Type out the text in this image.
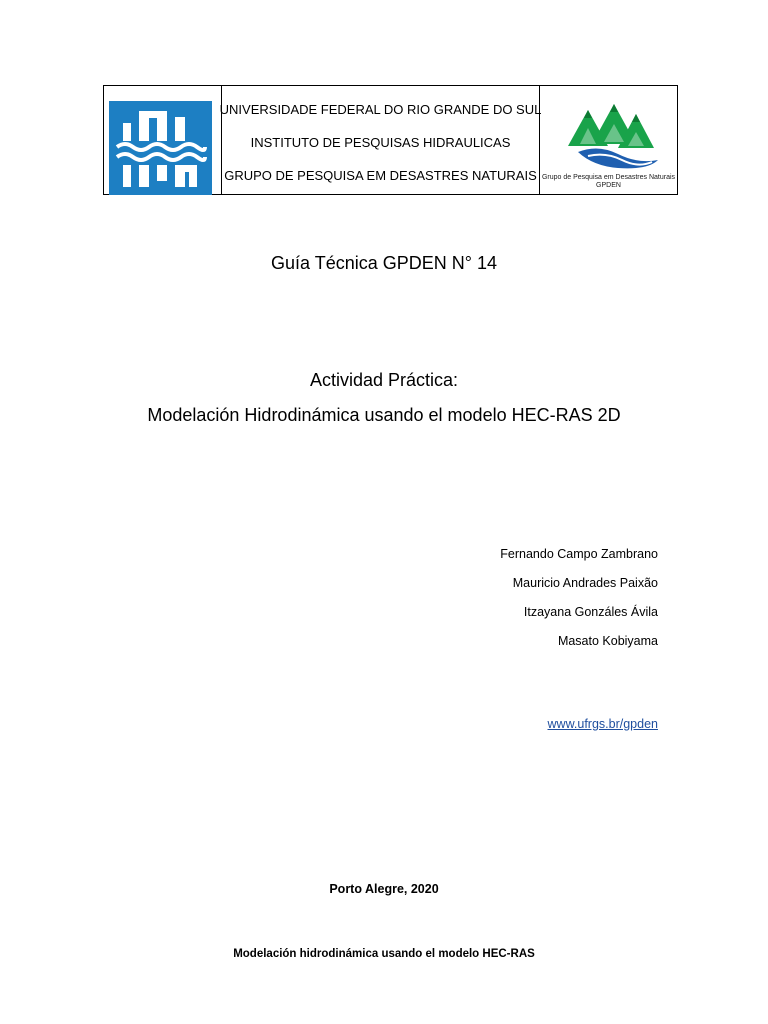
UNIVERSIDADE FEDERAL DO RIO GRANDE DO SUL
INSTITUTO DE PESQUISAS HIDRAULICAS
GRUPO DE PESQUISA EM DESASTRES NATURAIS Grupo de Pesquisa em Desastres Naturais
GPDEN
Guía Técnica GPDEN N° 14
Actividad Práctica:
Modelación Hidrodinámica usando el modelo HEC-RAS 2D
Fernando Campo Zambrano
Mauricio Andrades Paixão
Itzayana Gonzáles Ávila
Masato Kobiyama
www.ufrgs.br/gpden
Porto Alegre, 2020
Modelación hidrodinámica usando el modelo HEC-RAS
